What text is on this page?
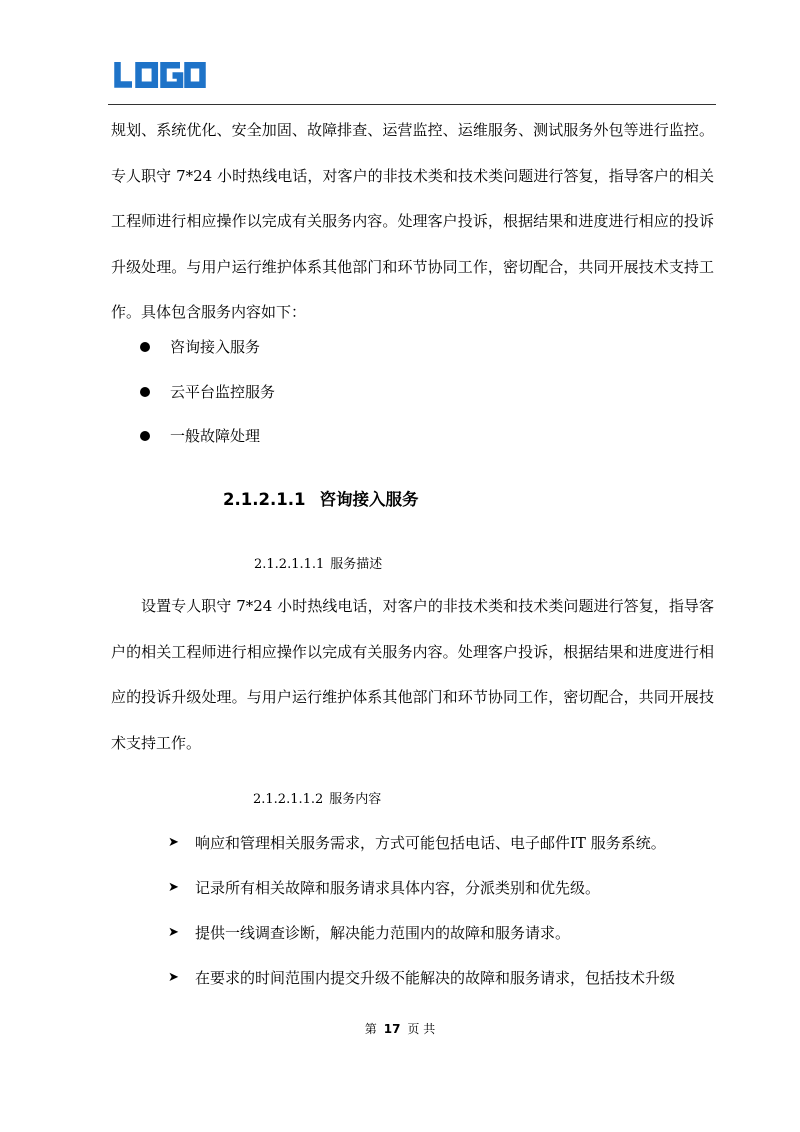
规划、系统优化、安全加固、故障排查、运营监控、运维服务、测试服务外包等进行监控。专人职守 7*24 小时热线电话，对客户的非技术类和技术类问题进行答复，指导客户的相关工程师进行相应操作以完成有关服务内容。处理客户投诉，根据结果和进度进行相应的投诉升级处理。与用户运行维护体系其他部门和环节协同工作，密切配合，共同开展技术支持工作。具体包含服务内容如下：

咨询接入服务
云平台监控服务
一般故障处理
2.1.2.1.1 咨询接入服务
2.1.2.1.1.1 服务描述

设置专人职守 7*24 小时热线电话，对客户的非技术类和技术类问题进行答复，指导客户的相关工程师进行相应操作以完成有关服务内容。处理客户投诉，根据结果和进度进行相应的投诉升级处理。与用户运行维护体系其他部门和环节协同工作，密切配合，共同开展技术支持工作。

2.1.2.1.1.2 服务内容
➤ 响应和管理相关服务需求，方式可能包括电话、电子邮件IT 服务系统。
➤ 记录所有相关故障和服务请求具体内容，分派类别和优先级。
➤ 提供一线调查诊断，解决能力范围内的故障和服务请求。
➤ 在要求的时间范围内提交升级不能解决的故障和服务请求，包括技术升级
第 17 页 共
